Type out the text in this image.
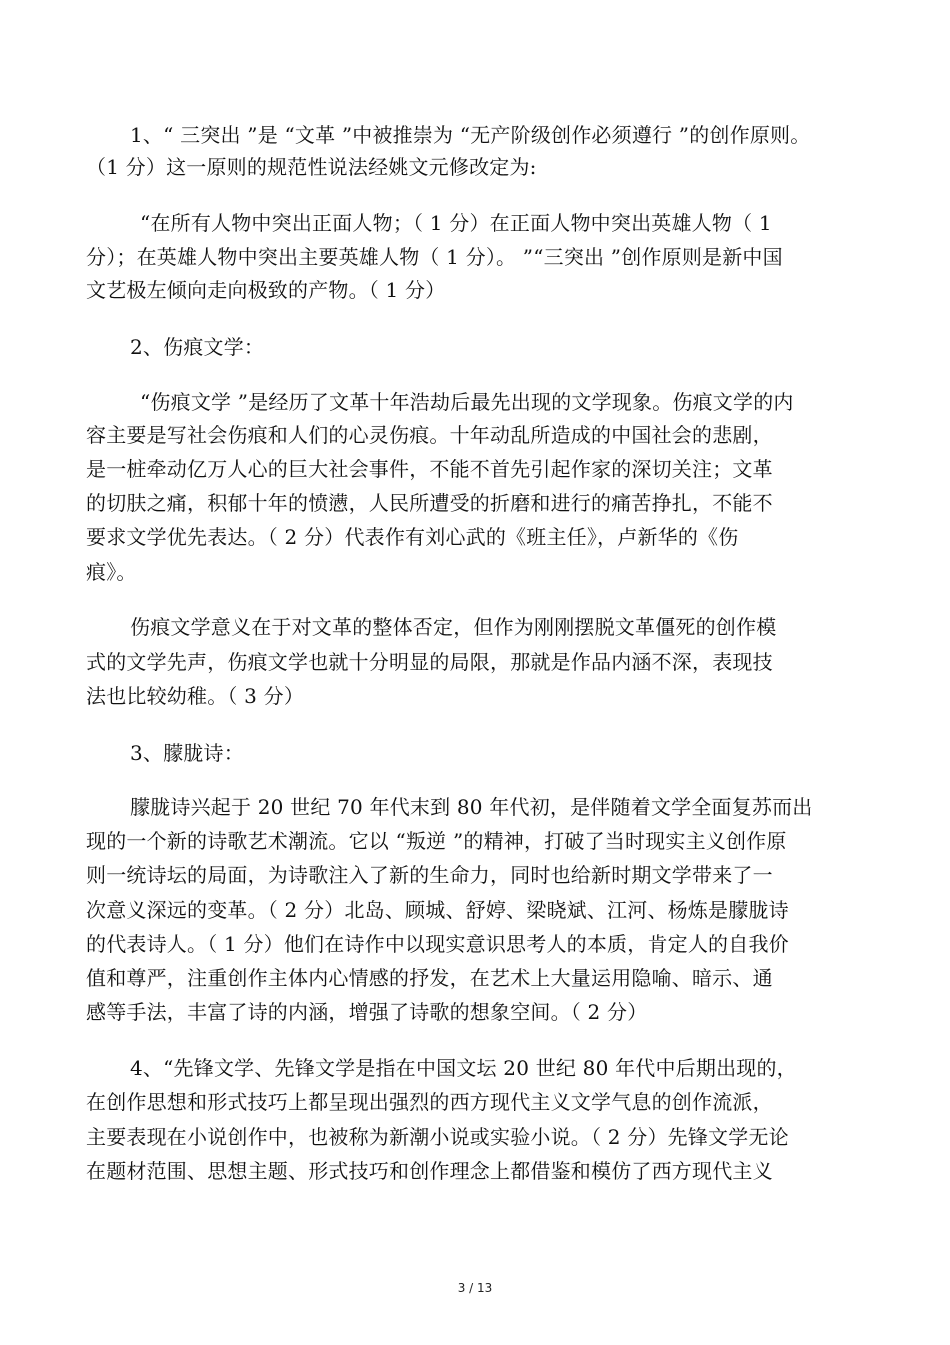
1、“ 三突出 ”是 “文革 ”中被推崇为 “无产阶级创作必须遵行 ”的创作原则。
（1 分）这一原则的规范性说法经姚文元修改定为:
“在所有人物中突出正面人物；（ 1 分）在正面人物中突出英雄人物（ 1
分）；在英雄人物中突出主要英雄人物（ 1 分）。 ”“三突出 ”创作原则是新中国
文艺极左倾向走向极致的产物。（ 1 分）
2、伤痕文学：
“伤痕文学 ”是经历了文革十年浩劫后最先出现的文学现象。伤痕文学的内
容主要是写社会伤痕和人们的心灵伤痕。十年动乱所造成的中国社会的悲剧，
是一桩牵动亿万人心的巨大社会事件，不能不首先引起作家的深切关注；文革
的切肤之痛，积郁十年的愤懑，人民所遭受的折磨和进行的痛苦挣扎，不能不
要求文学优先表达。（ 2 分）代表作有刘心武的《班主任》，卢新华的《伤
痕》。
伤痕文学意义在于对文革的整体否定，但作为刚刚摆脱文革僵死的创作模
式的文学先声，伤痕文学也就十分明显的局限，那就是作品内涵不深，表现技
法也比较幼稚。（ 3 分）
3、朦胧诗：
朦胧诗兴起于 20 世纪 70 年代末到 80 年代初，是伴随着文学全面复苏而出
现的一个新的诗歌艺术潮流。它以 “叛逆 ”的精神，打破了当时现实主义创作原
则一统诗坛的局面，为诗歌注入了新的生命力，同时也给新时期文学带来了一
次意义深远的变革。（ 2 分）北岛、顾城、舒婷、梁晓斌、江河、杨炼是朦胧诗
的代表诗人。（ 1 分）他们在诗作中以现实意识思考人的本质，肯定人的自我价
值和尊严，注重创作主体内心情感的抒发，在艺术上大量运用隐喻、暗示、通
感等手法，丰富了诗的内涵，增强了诗歌的想象空间。（ 2 分）
4、“先锋文学、先锋文学是指在中国文坛 20 世纪 80 年代中后期出现的，
在创作思想和形式技巧上都呈现出强烈的西方现代主义文学气息的创作流派，
主要表现在小说创作中，也被称为新潮小说或实验小说。（ 2 分）先锋文学无论
在题材范围、思想主题、形式技巧和创作理念上都借鉴和模仿了西方现代主义
3 / 13
